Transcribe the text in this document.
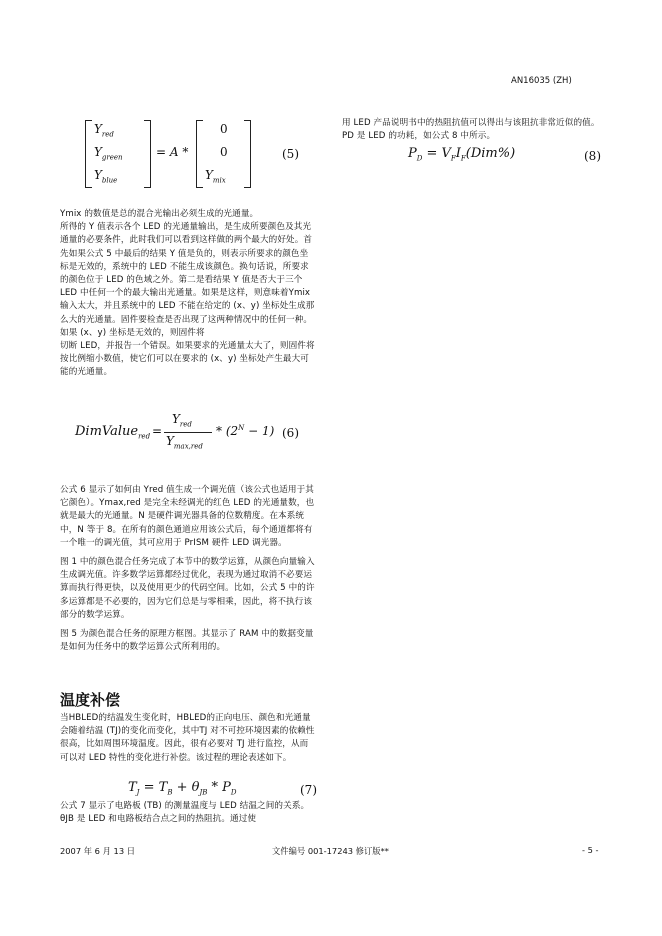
AN16035 (ZH)
$Y_{red}$
$Y_{green}$
$Y_{blue}$
= A *
0
0
$Y_{mix}$
(5)

Ymix 的数值是总的混合光输出必须生成的光通量。

所得的 Y 值表示各个 LED 的光通量输出，是生成所要颜色及其光通量的必要条件，此时我们可以看到这样做的两个最大的好处。首先如果公式 5 中最后的结果 Y 值是负的，则表示所要求的颜色坐标是无效的，系统中的 LED 不能生成该颜色。换句话说，所要求的颜色位于 LED 的色域之外。第二是看结果 Y 值是否大于三个 LED 中任何一个的最大输出光通量。如果是这样，则意味着Ymix 输入太大，并且系统中的 LED 不能在给定的 (x、y) 坐标处生成那么大的光通量。固件要检查是否出现了这两种情况中的任何一种。如果 (x、y) 坐标是无效的，则固件将

切断 LED，并报告一个错误。如果要求的光通量太大了，则固件将按比例缩小数值，使它们可以在要求的 (x、y) 坐标处产生最大可能的光通量。

DimValue$_{red}$ =
$Y_{red}$
$Y_{max,red}$
* $(2^N - 1)$ (6)

公式 6 显示了如何由 Yred 值生成一个调光值（该公式也适用于其它颜色）。Ymax,red 是完全未经调光的红色 LED 的光通量数，也就是最大的光通量。N 是硬件调光器具备的位数精度。在本系统中，N 等于 8。在所有的颜色通道应用该公式后，每个通道都将有一个唯一的调光值，其可应用于 PrISM 硬件 LED 调光器。

图 1 中的颜色混合任务完成了本节中的数学运算，从颜色向量输入生成调光值。许多数学运算都经过优化，表现为通过取消不必要运算而执行得更快，以及使用更少的代码空间。比如，公式 5 中的许多运算都是不必要的，因为它们总是与零相乘，因此，将不执行该部分的数学运算。

图 5 为颜色混合任务的原理方框图。其显示了 RAM 中的数据变量是如何为任务中的数学运算公式所利用的。

温度补偿

当HBLED的结温发生变化时，HBLED的正向电压、颜色和光通量会随着结温 (TJ)的变化而变化，其中TJ 对不可控环境因素的依赖性很高，比如周围环境温度。因此，很有必要对 TJ 进行监控，从而可以对 LED 特性的变化进行补偿。该过程的理论表述如下。

$T_J = T_B + \theta_{JB} * P_D$	(7)

公式 7 显示了电路板 (TB) 的测量温度与 LED 结温之间的关系。θJB 是 LED 和电路板结合点之间的热阻抗。通过使

用 LED 产品说明书中的热阻抗值可以得出与该阻抗非常近似的值。PD 是 LED 的功耗，如公式 8 中所示。

$P_D = V_FI_F(Dim\%)$	(8)
2007 年 6 月 13 日	文件编号 001-17243 修订版**	- 5 -
